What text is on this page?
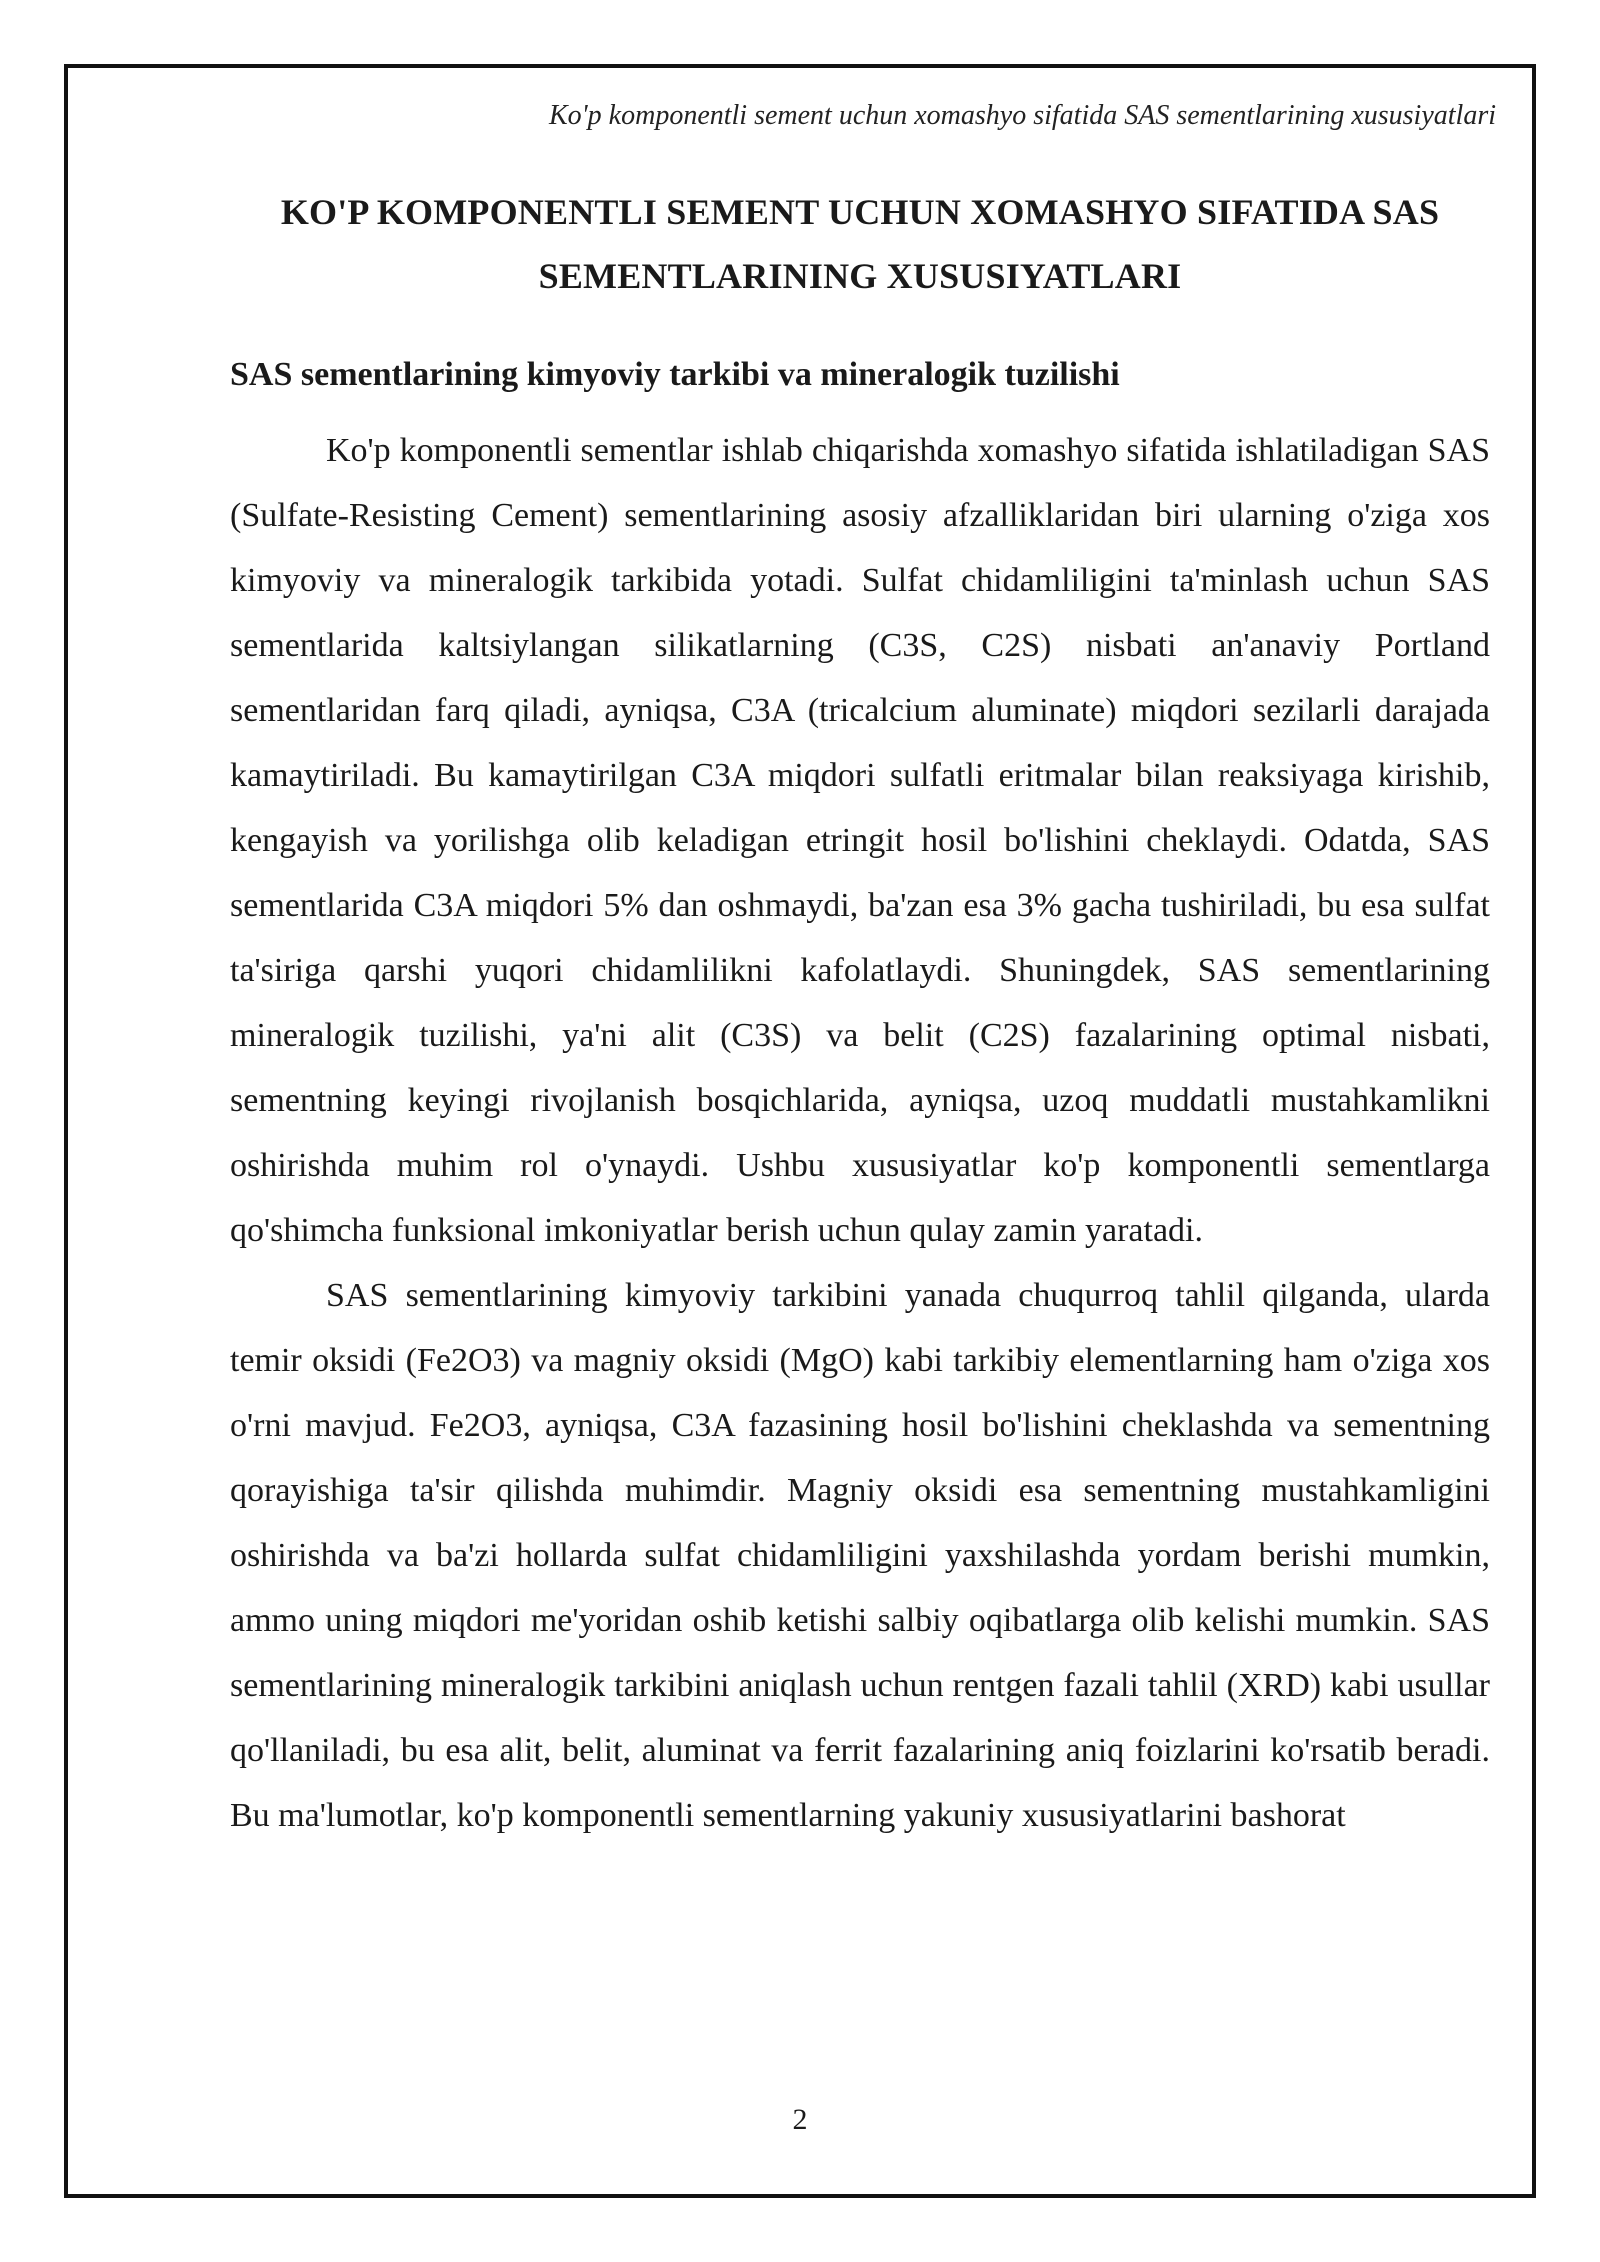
Ko'p komponentli sement uchun xomashyo sifatida SAS sementlarining xususiyatlari
KO'P KOMPONENTLI SEMENT UCHUN XOMASHYO SIFATIDA SAS SEMENTLARINING XUSUSIYATLARI
SAS sementlarining kimyoviy tarkibi va mineralogik tuzilishi

Ko'p komponentli sementlar ishlab chiqarishda xomashyo sifatida ishlatiladigan SAS (Sulfate-Resisting Cement) sementlarining asosiy afzalliklaridan biri ularning o'ziga xos kimyoviy va mineralogik tarkibida yotadi. Sulfat chidamliligini ta'minlash uchun SAS sementlarida kaltsiylangan silikatlarning (C3S, C2S) nisbati an'anaviy Portland sementlaridan farq qiladi, ayniqsa, C3A (tricalcium aluminate) miqdori sezilarli darajada kamaytiriladi. Bu kamaytirilgan C3A miqdori sulfatli eritmalar bilan reaksiyaga kirishib, kengayish va yorilishga olib keladigan etringit hosil bo'lishini cheklaydi. Odatda, SAS sementlarida C3A miqdori 5% dan oshmaydi, ba'zan esa 3% gacha tushiriladi, bu esa sulfat ta'siriga qarshi yuqori chidamlilikni kafolatlaydi. Shuningdek, SAS sementlarining mineralogik tuzilishi, ya'ni alit (C3S) va belit (C2S) fazalarining optimal nisbati, sementning keyingi rivojlanish bosqichlarida, ayniqsa, uzoq muddatli mustahkamlikni oshirishda muhim rol o'ynaydi. Ushbu xususiyatlar ko'p komponentli sementlarga qo'shimcha funksional imkoniyatlar berish uchun qulay zamin yaratadi.

SAS sementlarining kimyoviy tarkibini yanada chuqurroq tahlil qilganda, ularda temir oksidi (Fe2O3) va magniy oksidi (MgO) kabi tarkibiy elementlarning ham o'ziga xos o'rni mavjud. Fe2O3, ayniqsa, C3A fazasining hosil bo'lishini cheklashda va sementning qorayishiga ta'sir qilishda muhimdir. Magniy oksidi esa sementning mustahkamligini oshirishda va ba'zi hollarda sulfat chidamliligini yaxshilashda yordam berishi mumkin, ammo uning miqdori me'yoridan oshib ketishi salbiy oqibatlarga olib kelishi mumkin. SAS sementlarining mineralogik tarkibini aniqlash uchun rentgen fazali tahlil (XRD) kabi usullar qo'llaniladi, bu esa alit, belit, aluminat va ferrit fazalarining aniq foizlarini ko'rsatib beradi. Bu ma'lumotlar, ko'p komponentli sementlarning yakuniy xususiyatlarini bashorat

2
